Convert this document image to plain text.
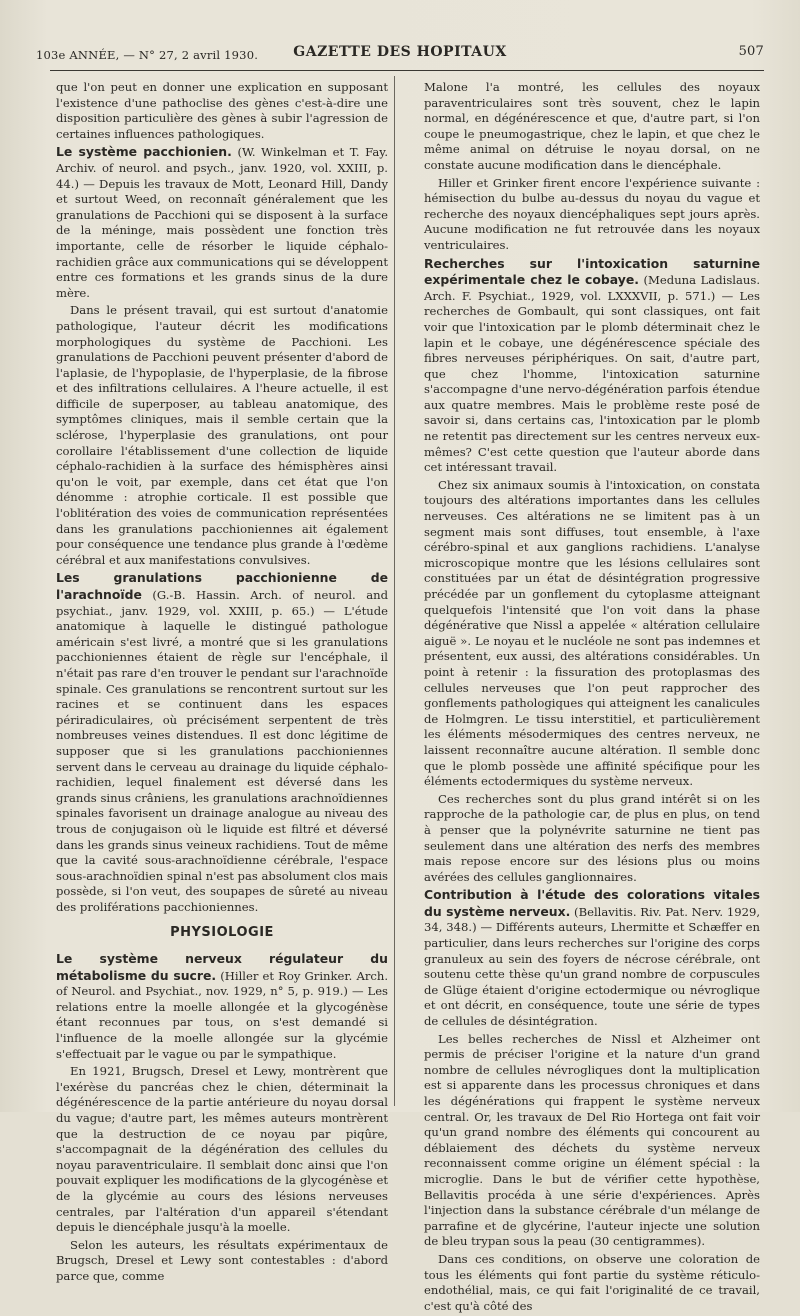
103e ANNÉE, — N° 27, 2 avril 1930.	GAZETTE DES HOPITAUX	507

que l'on peut en donner une explication en supposant l'existence d'une pathoclise des gènes c'est-à-dire une disposition particulière des gènes à subir l'agression de certaines influences pathologiques.

Le système pacchionien. (W. Winkelman et T. Fay. Archiv. of neurol. and psych., janv. 1920, vol. XXIII, p. 44.) — Depuis les travaux de Mott, Leonard Hill, Dandy et surtout Weed, on reconnaît généralement que les granulations de Pacchioni qui se disposent à la surface de la méninge, mais possèdent une fonction très importante, celle de résorber le liquide céphalo-rachidien grâce aux communications qui se développent entre ces formations et les grands sinus de la dure mère.

Dans le présent travail, qui est surtout d'anatomie pathologique, l'auteur décrit les modifications morphologiques du système de Pacchioni. Les granulations de Pacchioni peuvent présenter d'abord de l'aplasie, de l'hypoplasie, de l'hyperplasie, de la fibrose et des infiltrations cellulaires. A l'heure actuelle, il est difficile de superposer, au tableau anatomique, des symptômes cliniques, mais il semble certain que la sclérose, l'hyperplasie des granulations, ont pour corollaire l'établissement d'une collection de liquide céphalo-rachidien à la surface des hémisphères ainsi qu'on le voit, par exemple, dans cet état que l'on dénomme : atrophie corticale. Il est possible que l'oblitération des voies de communication représentées dans les granulations pacchioniennes ait également pour conséquence une tendance plus grande à l'œdème cérébral et aux manifestations convulsives.

Les granulations pacchionienne de l'arachnoïde (G.-B. Hassin. Arch. of neurol. and psychiat., janv. 1929, vol. XXIII, p. 65.) — L'étude anatomique à laquelle le distingué pathologue américain s'est livré, a montré que si les granulations pacchioniennes étaient de règle sur l'encéphale, il n'était pas rare d'en trouver le pendant sur l'arachnoïde spinale. Ces granulations se rencontrent surtout sur les racines et se continuent dans les espaces périradiculaires, où précisément serpentent de très nombreuses veines distendues. Il est donc légitime de supposer que si les granulations pacchioniennes servent dans le cerveau au drainage du liquide céphalo-rachidien, lequel finalement est déversé dans les grands sinus crâniens, les granulations arachnoïdiennes spinales favorisent un drainage analogue au niveau des trous de conjugaison où le liquide est filtré et déversé dans les grands sinus veineux rachidiens. Tout de même que la cavité sous-arachnoïdienne cérébrale, l'espace sous-arachnoïdien spinal n'est pas absolument clos mais possède, si l'on veut, des soupapes de sûreté au niveau des proliférations pacchioniennes.

PHYSIOLOGIE

Le système nerveux régulateur du métabolisme du sucre. (Hiller et Roy Grinker. Arch. of Neurol. and Psychiat., nov. 1929, n° 5, p. 919.) — Les relations entre la moelle allongée et la glycogénèse étant reconnues par tous, on s'est demandé si l'influence de la moelle allongée sur la glycémie s'effectuait par le vague ou par le sympathique.

En 1921, Brugsch, Dresel et Lewy, montrèrent que l'exérèse du pancréas chez le chien, déterminait la dégénérescence de la partie antérieure du noyau dorsal du vague; d'autre part, les mêmes auteurs montrèrent que la destruction de ce noyau par piqûre, s'accompagnait de la dégénération des cellules du noyau paraventriculaire. Il semblait donc ainsi que l'on pouvait expliquer les modifications de la glycogénèse et de la glycémie au cours des lésions nerveuses centrales, par l'altération d'un appareil s'étendant depuis le diencéphale jusqu'à la moelle.

Selon les auteurs, les résultats expérimentaux de Brugsch, Dresel et Lewy sont contestables : d'abord parce que, comme

Malone l'a montré, les cellules des noyaux paraventriculaires sont très souvent, chez le lapin normal, en dégénérescence et que, d'autre part, si l'on coupe le pneumogastrique, chez le lapin, et que chez le même animal on détruise le noyau dorsal, on ne constate aucune modification dans le diencéphale.

Hiller et Grinker firent encore l'expérience suivante : hémisection du bulbe au-dessus du noyau du vague et recherche des noyaux diencéphaliques sept jours après. Aucune modification ne fut retrouvée dans les noyaux ventriculaires.

Recherches sur l'intoxication saturnine expérimentale chez le cobaye. (Meduna Ladislaus. Arch. F. Psychiat., 1929, vol. LXXXVII, p. 571.) — Les recherches de Gombault, qui sont classiques, ont fait voir que l'intoxication par le plomb déterminait chez le lapin et le cobaye, une dégénérescence spéciale des fibres nerveuses périphériques. On sait, d'autre part, que chez l'homme, l'intoxication saturnine s'accompagne d'une nervo-dégénération parfois étendue aux quatre membres. Mais le problème reste posé de savoir si, dans certains cas, l'intoxication par le plomb ne retentit pas directement sur les centres nerveux eux-mêmes? C'est cette question que l'auteur aborde dans cet intéressant travail.

Chez six animaux soumis à l'intoxication, on constata toujours des altérations importantes dans les cellules nerveuses. Ces altérations ne se limitent pas à un segment mais sont diffuses, tout ensemble, à l'axe cérébro-spinal et aux ganglions rachidiens. L'analyse microscopique montre que les lésions cellulaires sont constituées par un état de désintégration progressive précédée par un gonflement du cytoplasme atteignant quelquefois l'intensité que l'on voit dans la phase dégénérative que Nissl a appelée « altération cellulaire aiguë ». Le noyau et le nucléole ne sont pas indemnes et présentent, eux aussi, des altérations considérables. Un point à retenir : la fissuration des protoplasmas des cellules nerveuses que l'on peut rapprocher des gonflements pathologiques qui atteignent les canalicules de Holmgren. Le tissu interstitiel, et particulièrement les éléments mésodermiques des centres nerveux, ne laissent reconnaître aucune altération. Il semble donc que le plomb possède une affinité spécifique pour les éléments ectodermiques du système nerveux.

Ces recherches sont du plus grand intérêt si on les rapproche de la pathologie car, de plus en plus, on tend à penser que la polynévrite saturnine ne tient pas seulement dans une altération des nerfs des membres mais repose encore sur des lésions plus ou moins avérées des cellules ganglionnaires.

Contribution à l'étude des colorations vitales du système nerveux. (Bellavitis. Riv. Pat. Nerv. 1929, 34, 348.) — Différents auteurs, Lhermitte et Schæffer en particulier, dans leurs recherches sur l'origine des corps granuleux au sein des foyers de nécrose cérébrale, ont soutenu cette thèse qu'un grand nombre de corpuscules de Glüge étaient d'origine ectodermique ou névroglique et ont décrit, en conséquence, toute une série de types de cellules de désintégration.

Les belles recherches de Nissl et Alzheimer ont permis de préciser l'origine et la nature d'un grand nombre de cellules névrogliques dont la multiplication est si apparente dans les processus chroniques et dans les dégénérations qui frappent le système nerveux central. Or, les travaux de Del Rio Hortega ont fait voir qu'un grand nombre des éléments qui concourent au déblaiement des déchets du système nerveux reconnaissent comme origine un élément spécial : la microglie. Dans le but de vérifier cette hypothèse, Bellavitis procéda à une série d'expériences. Après l'injection dans la substance cérébrale d'un mélange de parrafine et de glycérine, l'auteur injecte une solution de bleu trypan sous la peau (30 centigrammes).

Dans ces conditions, on observe une coloration de tous les éléments qui font partie du système réticulo-endothélial, mais, ce qui fait l'originalité de ce travail, c'est qu'à côté des
